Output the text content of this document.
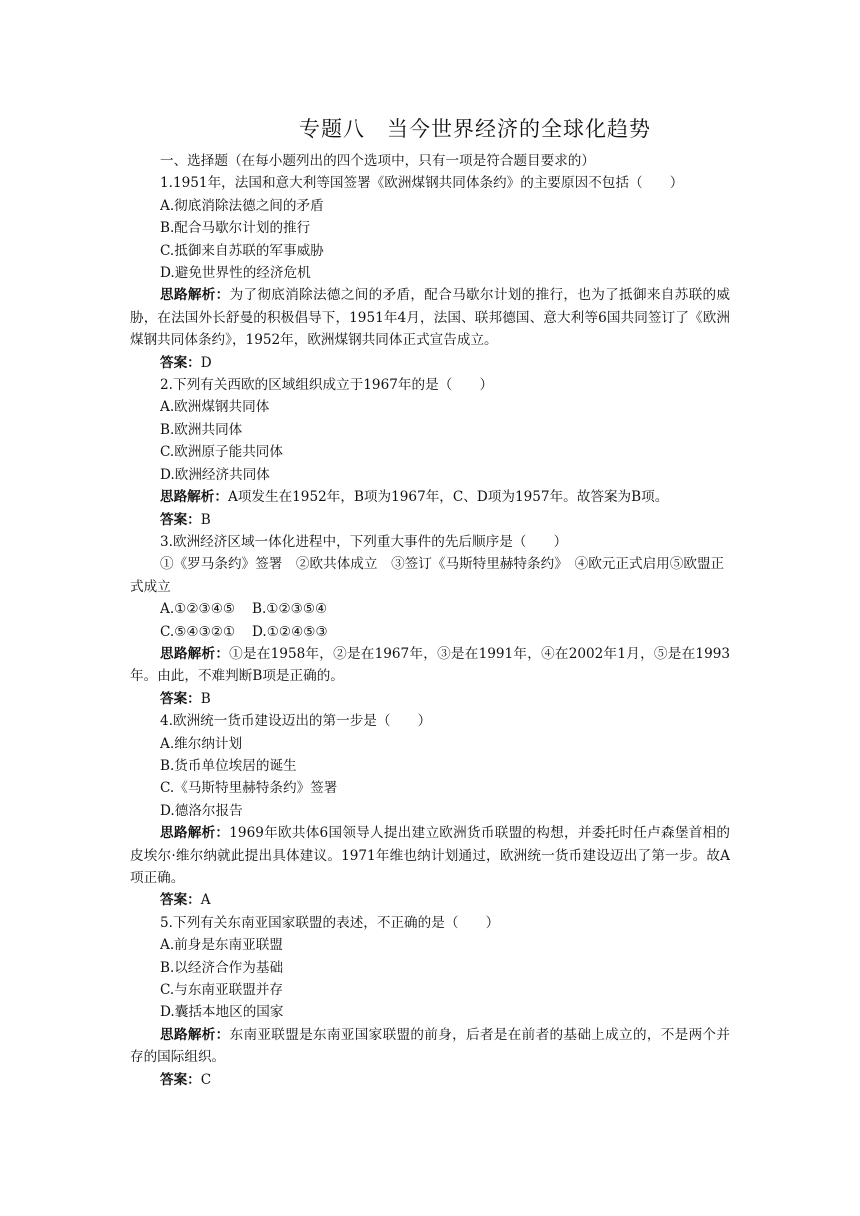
专题八　当今世界经济的全球化趋势

一、选择题（在每小题列出的四个选项中，只有一项是符合题目要求的）

1.1951年，法国和意大利等国签署《欧洲煤钢共同体条约》的主要原因不包括（　　）

A.彻底消除法德之间的矛盾

B.配合马歇尔计划的推行

C.抵御来自苏联的军事威胁

D.避免世界性的经济危机

思路解析：为了彻底消除法德之间的矛盾，配合马歇尔计划的推行，也为了抵御来自苏联的威胁，在法国外长舒曼的积极倡导下，1951年4月，法国、联邦德国、意大利等6国共同签订了《欧洲煤钢共同体条约》，1952年，欧洲煤钢共同体正式宣告成立。

答案：D

2.下列有关西欧的区域组织成立于1967年的是（　　）

A.欧洲煤钢共同体

B.欧洲共同体

C.欧洲原子能共同体

D.欧洲经济共同体

思路解析：A项发生在1952年，B项为1967年，C、D项为1957年。故答案为B项。

答案：B

3.欧洲经济区域一体化进程中，下列重大事件的先后顺序是（　　）

①《罗马条约》签署　②欧共体成立　③签订《马斯特里赫特条约》　④欧元正式启用⑤欧盟正式成立

A.①②③④⑤ B.①②③⑤④

C.⑤④③②① D.①②④⑤③

思路解析：①是在1958年，②是在1967年，③是在1991年，④在2002年1月，⑤是在1993年。由此，不难判断B项是正确的。

答案：B

4.欧洲统一货币建设迈出的第一步是（　　）

A.维尔纳计划

B.货币单位埃居的诞生

C.《马斯特里赫特条约》签署

D.德洛尔报告

思路解析：1969年欧共体6国领导人提出建立欧洲货币联盟的构想，并委托时任卢森堡首相的皮埃尔·维尔纳就此提出具体建议。1971年维也纳计划通过，欧洲统一货币建设迈出了第一步。故A项正确。

答案：A

5.下列有关东南亚国家联盟的表述，不正确的是（　　）

A.前身是东南亚联盟

B.以经济合作为基础

C.与东南亚联盟并存

D.囊括本地区的国家

思路解析：东南亚联盟是东南亚国家联盟的前身，后者是在前者的基础上成立的，不是两个并存的国际组织。

答案：C
